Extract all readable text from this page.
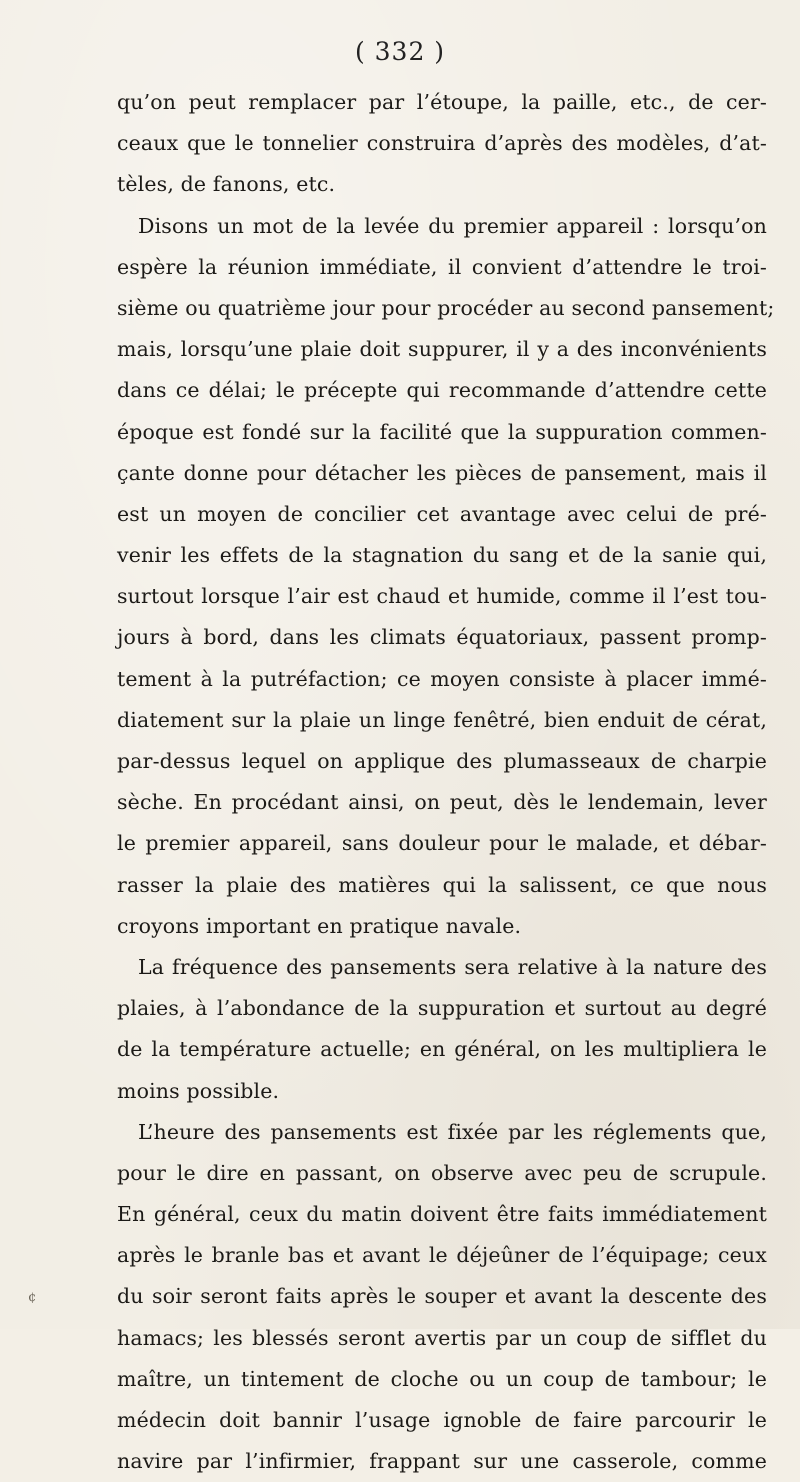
( 332 )
qu’on peut remplacer par l’étoupe, la paille, etc., de cer-
ceaux que le tonnelier construira d’après des modèles, d’at-
tèles, de fanons, etc.
Disons un mot de la levée du premier appareil : lorsqu’on
espère la réunion immédiate, il convient d’attendre le troi-
sième ou quatrième jour pour procéder au second pansement;
mais, lorsqu’une plaie doit suppurer, il y a des inconvénients
dans ce délai; le précepte qui recommande d’attendre cette
époque est fondé sur la facilité que la suppuration commen-
çante donne pour détacher les pièces de pansement, mais il
est un moyen de concilier cet avantage avec celui de pré-
venir les effets de la stagnation du sang et de la sanie qui,
surtout lorsque l’air est chaud et humide, comme il l’est tou-
jours à bord, dans les climats équatoriaux, passent promp-
tement à la putréfaction; ce moyen consiste à placer immé-
diatement sur la plaie un linge fenêtré, bien enduit de cérat,
par-dessus lequel on applique des plumasseaux de charpie
sèche. En procédant ainsi, on peut, dès le lendemain, lever
le premier appareil, sans douleur pour le malade, et débar-
rasser la plaie des matières qui la salissent, ce que nous
croyons important en pratique navale.
La fréquence des pansements sera relative à la nature des
plaies, à l’abondance de la suppuration et surtout au degré
de la température actuelle; en général, on les multipliera le
moins possible.
L’heure des pansements est fixée par les réglements que,
pour le dire en passant, on observe avec peu de scrupule.
En général, ceux du matin doivent être faits immédiatement
après le branle bas et avant le déjeûner de l’équipage; ceux
du soir seront faits après le souper et avant la descente des
hamacs; les blessés seront avertis par un coup de sifflet du
maître, un tintement de cloche ou un coup de tambour; le
médecin doit bannir l’usage ignoble de faire parcourir le
navire par l’infirmier, frappant sur une casserole, comme
¢
